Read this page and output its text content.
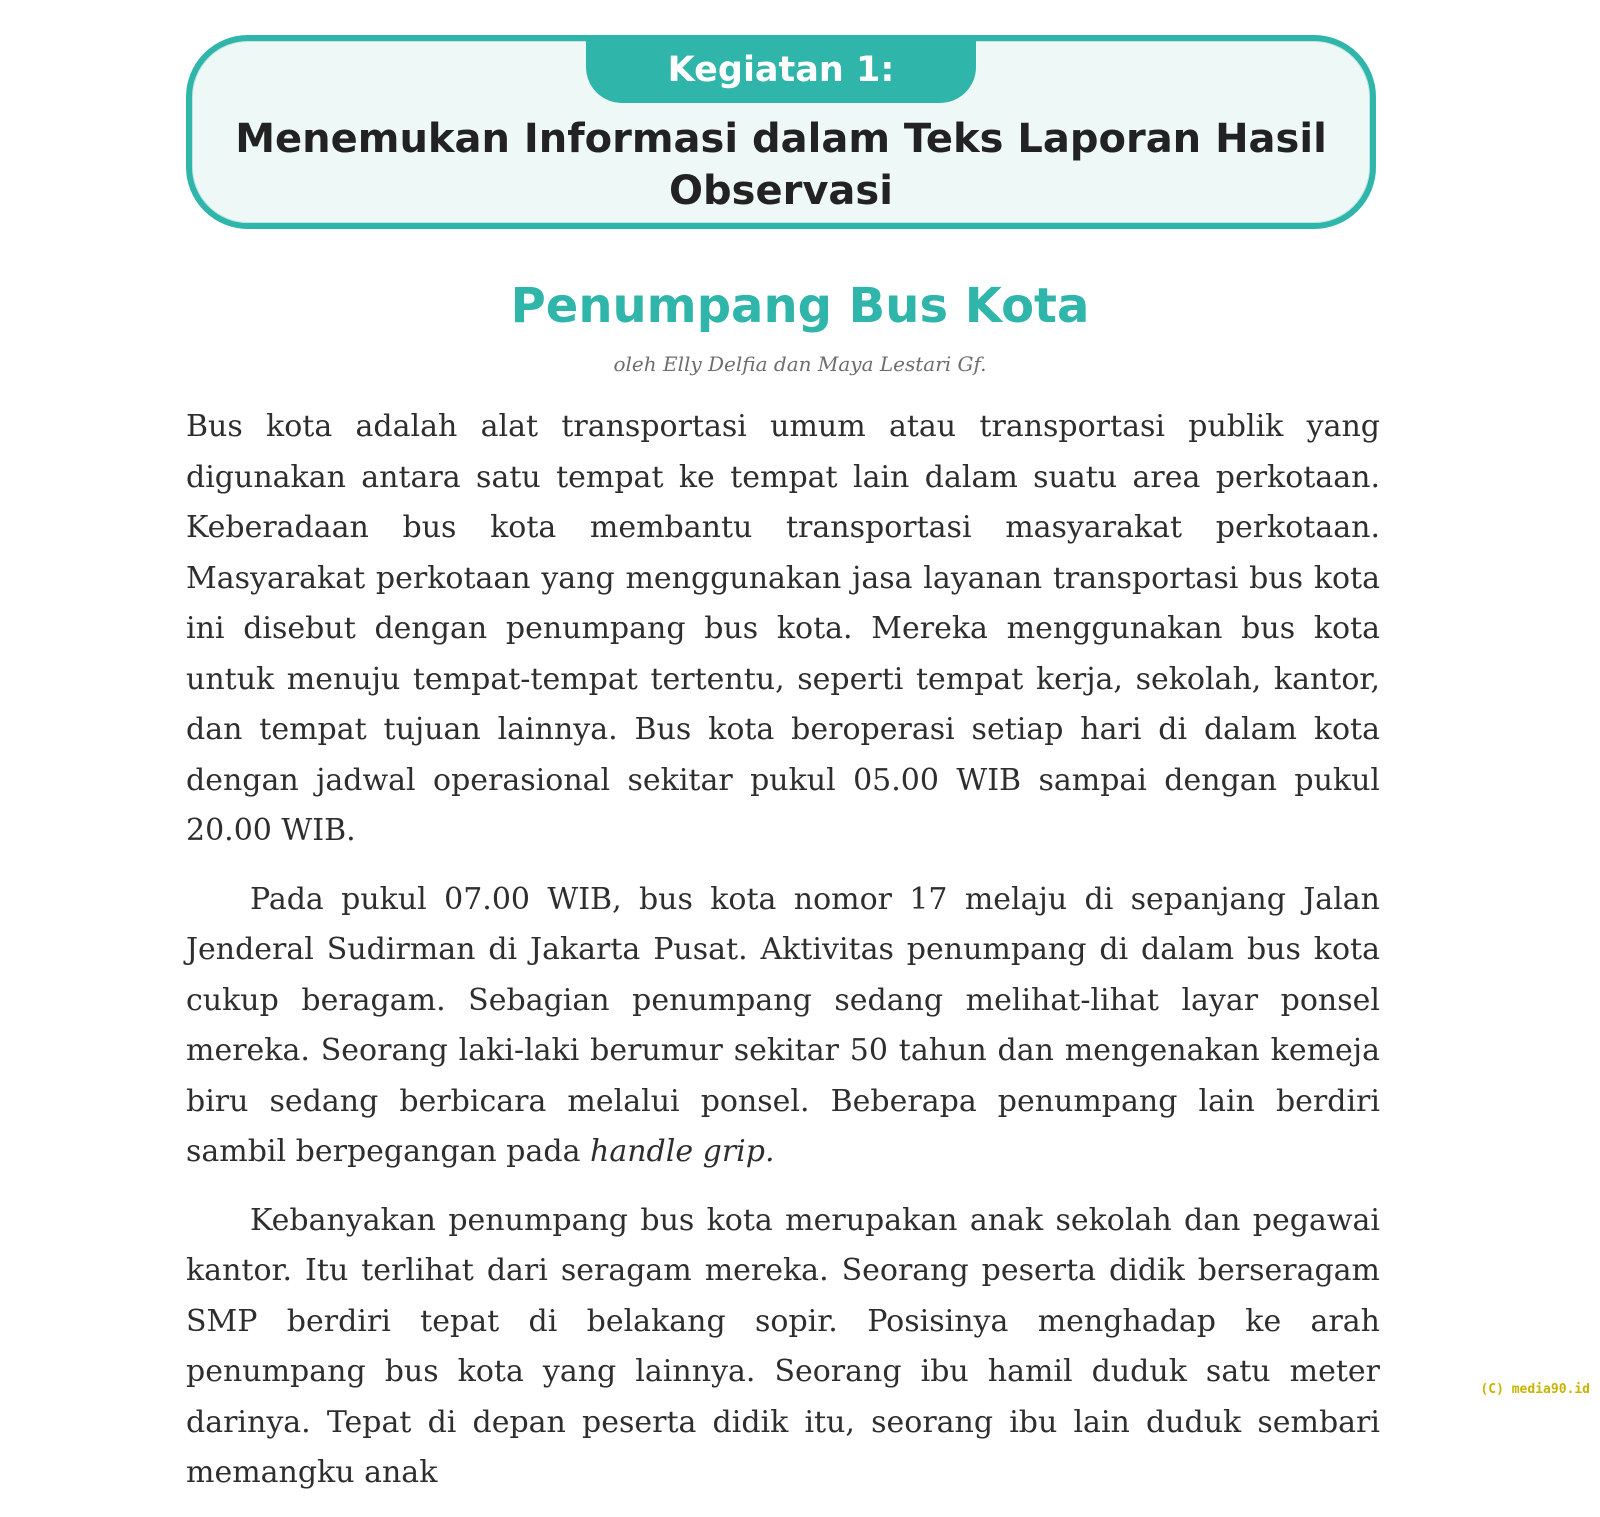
Kegiatan 1:
Menemukan Informasi dalam Teks Laporan Hasil Observasi
Penumpang Bus Kota
oleh Elly Delfia dan Maya Lestari Gf.

Bus kota adalah alat transportasi umum atau transportasi publik yang digunakan antara satu tempat ke tempat lain dalam suatu area perkotaan. Keberadaan bus kota membantu transportasi masyarakat perkotaan. Masyarakat perkotaan yang menggunakan jasa layanan transportasi bus kota ini disebut dengan penumpang bus kota. Mereka menggunakan bus kota untuk menuju tempat-tempat tertentu, seperti tempat kerja, sekolah, kantor, dan tempat tujuan lainnya. Bus kota beroperasi setiap hari di dalam kota dengan jadwal operasional sekitar pukul 05.00 WIB sampai dengan pukul 20.00 WIB.

Pada pukul 07.00 WIB, bus kota nomor 17 melaju di sepanjang Jalan Jenderal Sudirman di Jakarta Pusat. Aktivitas penumpang di dalam bus kota cukup beragam. Sebagian penumpang sedang melihat-lihat layar ponsel mereka. Seorang laki-laki berumur sekitar 50 tahun dan mengenakan kemeja biru sedang berbicara melalui ponsel. Beberapa penumpang lain berdiri sambil berpegangan pada handle grip.

Kebanyakan penumpang bus kota merupakan anak sekolah dan pegawai kantor. Itu terlihat dari seragam mereka. Seorang peserta didik berseragam SMP berdiri tepat di belakang sopir. Posisinya menghadap ke arah penumpang bus kota yang lainnya. Seorang ibu hamil duduk satu meter darinya. Tepat di depan peserta didik itu, seorang ibu lain duduk sembari memangku anak

(C) media90.id
